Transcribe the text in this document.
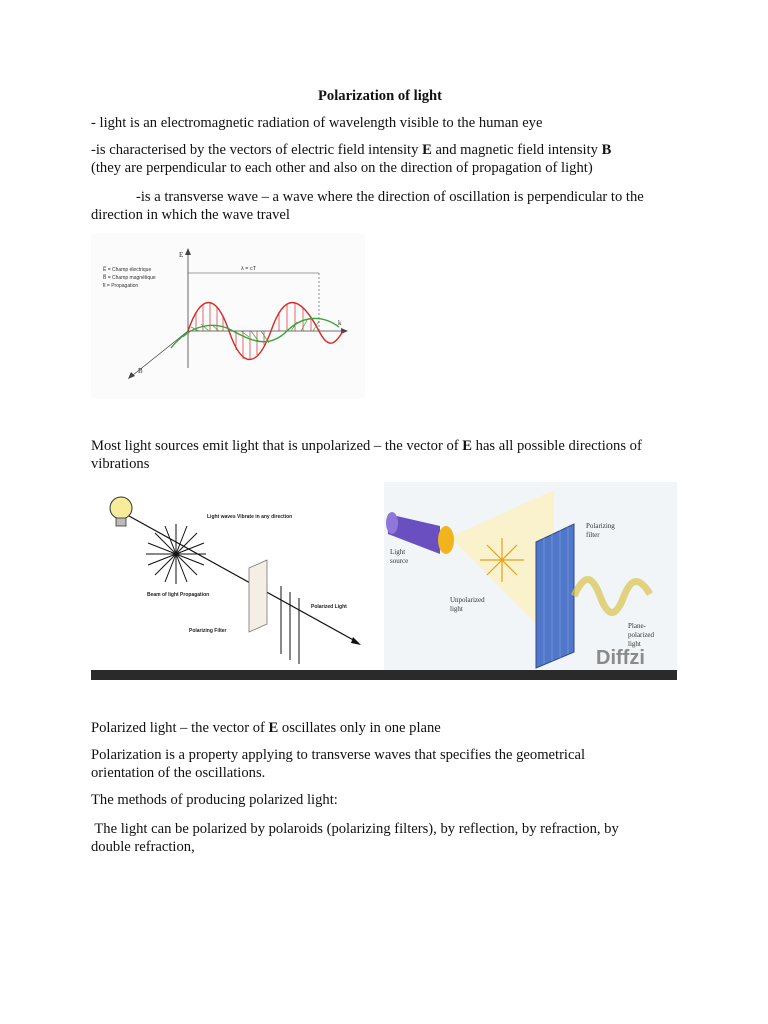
Polarization of light
- light is an electromagnetic radiation of wavelength visible to the human eye
-is characterised by the vectors of electric field intensity E and magnetic field intensity B
(they are perpendicular to each other and also on the direction of propagation of light)
-is a transverse wave – a wave where the direction of oscillation is perpendicular to the
direction in which the wave travel
E̅ = Champ électrique
B̅ = Champ magnétique
k̅ = Propagation
E
k
B
λ = cT
Most light sources emit light that is unpolarized – the vector of E has all possible directions of
vibrations
Light waves Vibrate in any direction
Beam of light Propagation
Polarizing Filter
Polarized Light
Light
source
Unpolarized
light
Polarizing
filter
Plane-
polarized
light
Diffzi
Polarized light – the vector of E oscillates only in one plane
Polarization is a property applying to transverse waves that specifies the geometrical
orientation of the oscillations.
The methods of producing polarized light:
The light can be polarized by polaroids (polarizing filters), by reflection, by refraction, by
double refraction,
